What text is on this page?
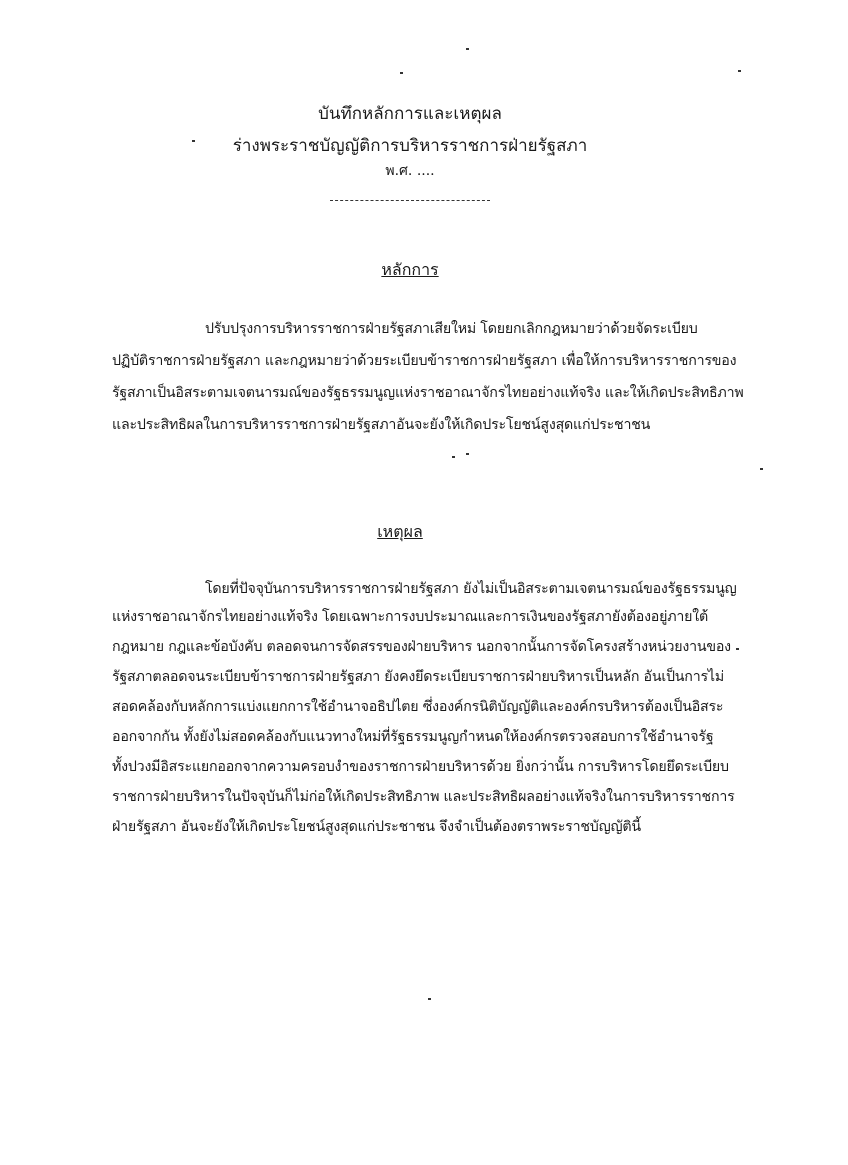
บันทึกหลักการและเหตุผล
ร่างพระราชบัญญัติการบริหารราชการฝ่ายรัฐสภา
พ.ศ. ....
หลักการ
ปรับปรุงการบริหารราชการฝ่ายรัฐสภาเสียใหม่ โดยยกเลิกกฎหมายว่าด้วยจัดระเบียบ
ปฏิบัติราชการฝ่ายรัฐสภา และกฎหมายว่าด้วยระเบียบข้าราชการฝ่ายรัฐสภา เพื่อให้การบริหารราชการของ
รัฐสภาเป็นอิสระตามเจตนารมณ์ของรัฐธรรมนูญแห่งราชอาณาจักรไทยอย่างแท้จริง และให้เกิดประสิทธิภาพ
และประสิทธิผลในการบริหารราชการฝ่ายรัฐสภาอันจะยังให้เกิดประโยชน์สูงสุดแก่ประชาชน
เหตุผล
โดยที่ปัจจุบันการบริหารราชการฝ่ายรัฐสภา ยังไม่เป็นอิสระตามเจตนารมณ์ของรัฐธรรมนูญ
แห่งราชอาณาจักรไทยอย่างแท้จริง โดยเฉพาะการงบประมาณและการเงินของรัฐสภายังต้องอยู่ภายใต้
กฎหมาย กฎและข้อบังคับ ตลอดจนการจัดสรรของฝ่ายบริหาร นอกจากนั้นการจัดโครงสร้างหน่วยงานของ
รัฐสภาตลอดจนระเบียบข้าราชการฝ่ายรัฐสภา ยังคงยึดระเบียบราชการฝ่ายบริหารเป็นหลัก อันเป็นการไม่
สอดคล้องกับหลักการแบ่งแยกการใช้อำนาจอธิปไตย ซึ่งองค์กรนิติบัญญัติและองค์กรบริหารต้องเป็นอิสระ
ออกจากกัน ทั้งยังไม่สอดคล้องกับแนวทางใหม่ที่รัฐธรรมนูญกำหนดให้องค์กรตรวจสอบการใช้อำนาจรัฐ
ทั้งปวงมีอิสระแยกออกจากความครอบงำของราชการฝ่ายบริหารด้วย ยิ่งกว่านั้น การบริหารโดยยึดระเบียบ
ราชการฝ่ายบริหารในปัจจุบันก็ไม่ก่อให้เกิดประสิทธิภาพ และประสิทธิผลอย่างแท้จริงในการบริหารราชการ
ฝ่ายรัฐสภา อันจะยังให้เกิดประโยชน์สูงสุดแก่ประชาชน จึงจำเป็นต้องตราพระราชบัญญัตินี้
